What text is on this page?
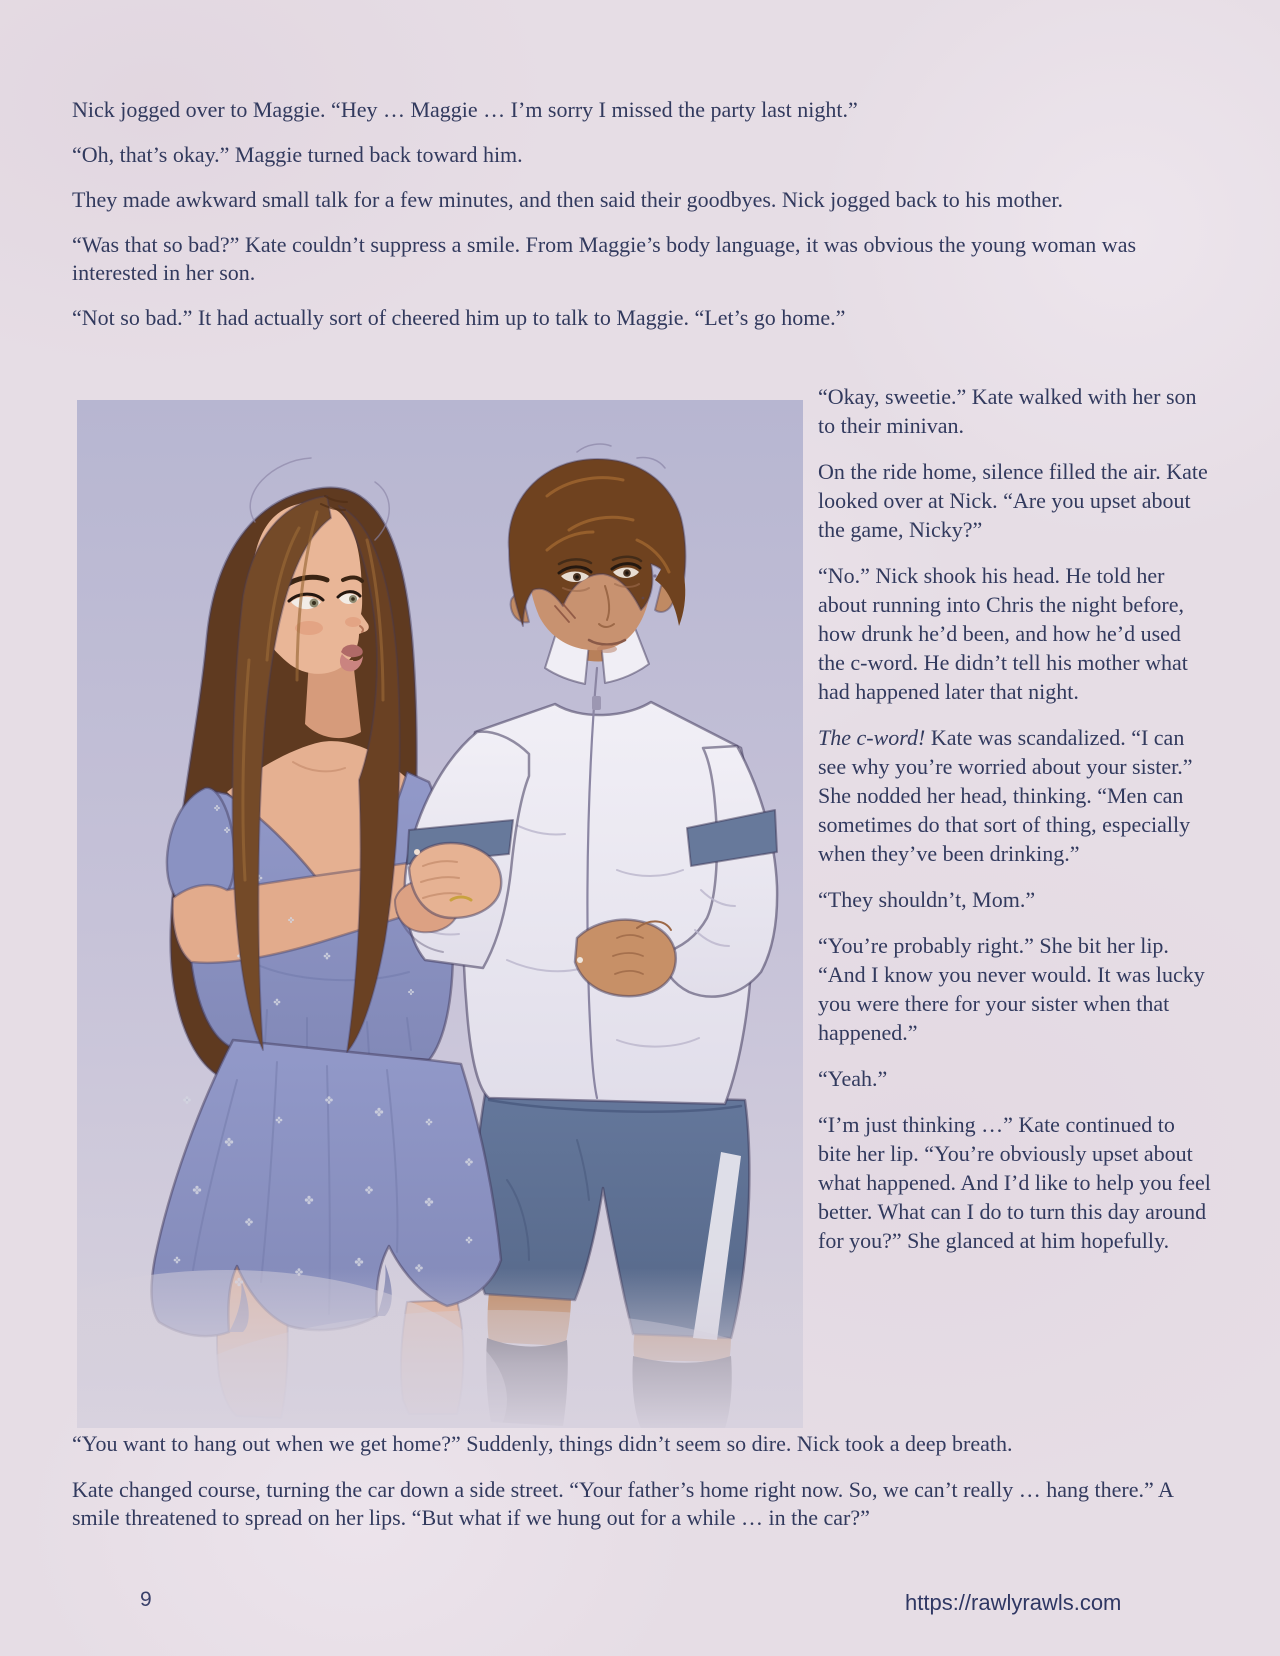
Nick jogged over to Maggie. “Hey … Maggie … I’m sorry I missed the party last night.”

“Oh, that’s okay.” Maggie turned back toward him.

They made awkward small talk for a few minutes, and then said their goodbyes. Nick jogged back to his mother.

“Was that so bad?” Kate couldn’t suppress a smile. From Maggie’s body language, it was obvious the young woman was interested in her son.

“Not so bad.” It had actually sort of cheered him up to talk to Maggie. “Let’s go home.”

“Okay, sweetie.” Kate walked with her son to their minivan.

On the ride home, silence filled the air. Kate looked over at Nick. “Are you upset about the game, Nicky?”

“No.” Nick shook his head. He told her about running into Chris the night before, how drunk he’d been, and how he’d used the c-word. He didn’t tell his mother what had happened later that night.

The c-word! Kate was scandalized. “I can see why you’re worried about your sister.” She nodded her head, thinking. “Men can sometimes do that sort of thing, especially when they’ve been drinking.”

“They shouldn’t, Mom.”

“You’re probably right.” She bit her lip. “And I know you never would. It was lucky you were there for your sister when that happened.”

“Yeah.”

“I’m just thinking …” Kate continued to bite her lip. “You’re obviously upset about what happened. And I’d like to help you feel better. What can I do to turn this day around for you?” She glanced at him hopefully.

“You want to hang out when we get home?” Suddenly, things didn’t seem so dire. Nick took a deep breath.

Kate changed course, turning the car down a side street. “Your father’s home right now. So, we can’t really … hang there.” A smile threatened to spread on her lips. “But what if we hung out for a while … in the car?”

9	https://rawlyrawls.com
